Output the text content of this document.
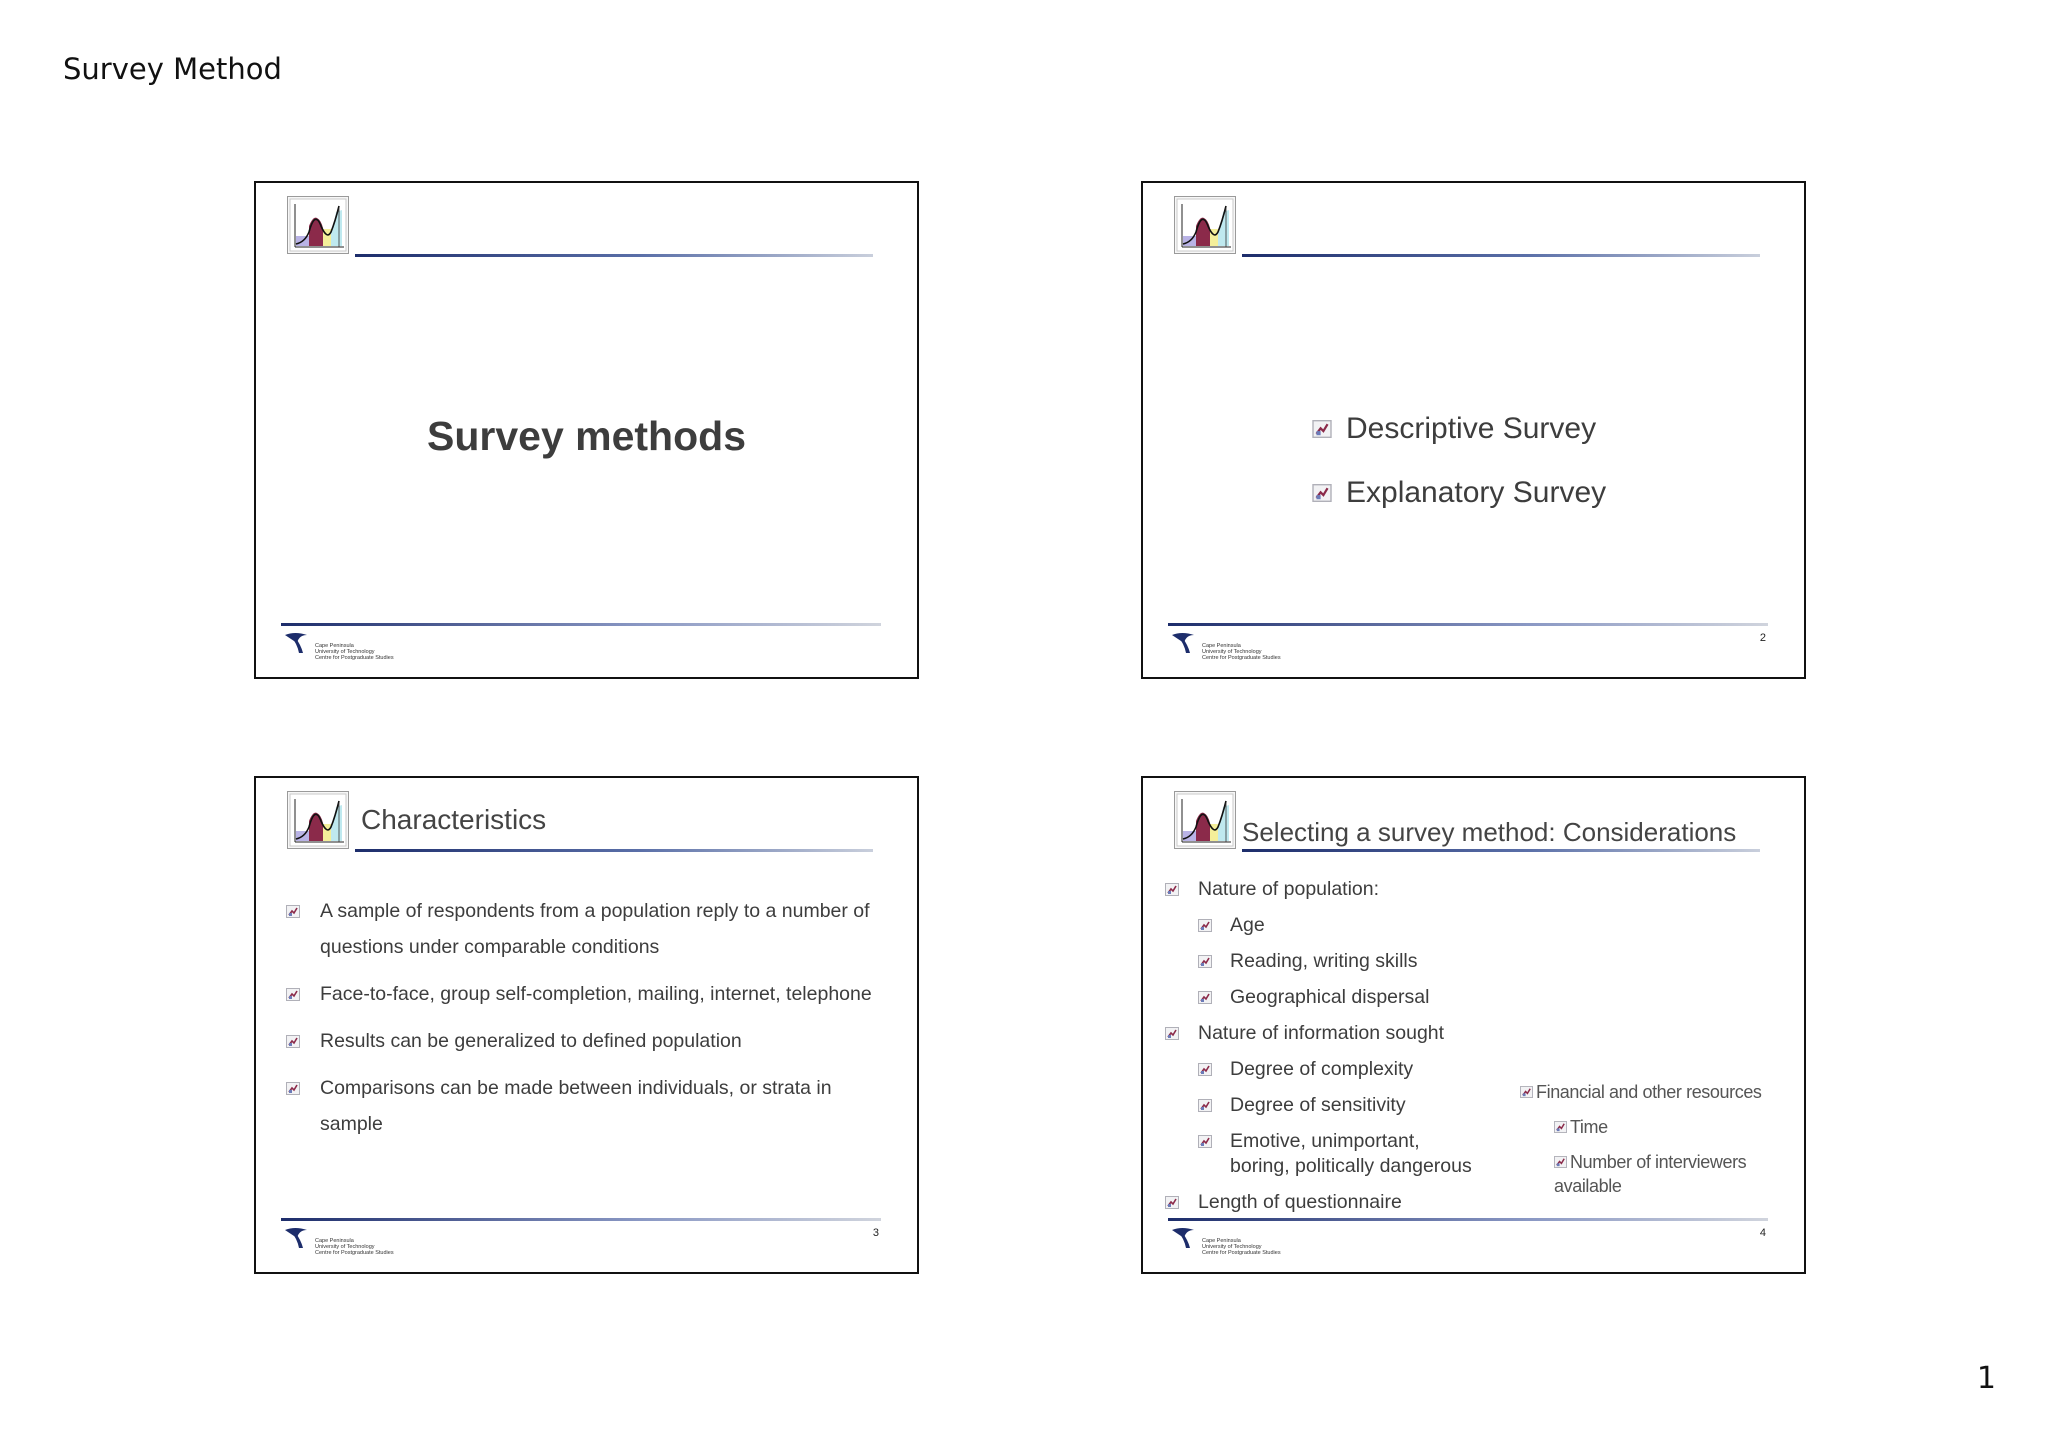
Survey Method
Survey methods
Cape Peninsula
University of Technology
Centre for Postgraduate Studies
Descriptive Survey
Explanatory Survey
Cape Peninsula
University of Technology
Centre for Postgraduate Studies
2
Characteristics
A sample of respondents from a population reply to a number of questions under comparable conditions
Face-to-face, group self-completion, mailing, internet, telephone
Results can be generalized to defined population
Comparisons can be made between individuals, or strata in sample
Cape Peninsula
University of Technology
Centre for Postgraduate Studies
3
Selecting a survey method: Considerations
Nature of population:
Age
Reading, writing skills
Geographical dispersal
Nature of information sought
Degree of complexity
Degree of sensitivity
Emotive, unimportant, boring, politically dangerous
Length of questionnaire
Financial and other resources
Time
Number of interviewers available
Cape Peninsula
University of Technology
Centre for Postgraduate Studies
4
1
